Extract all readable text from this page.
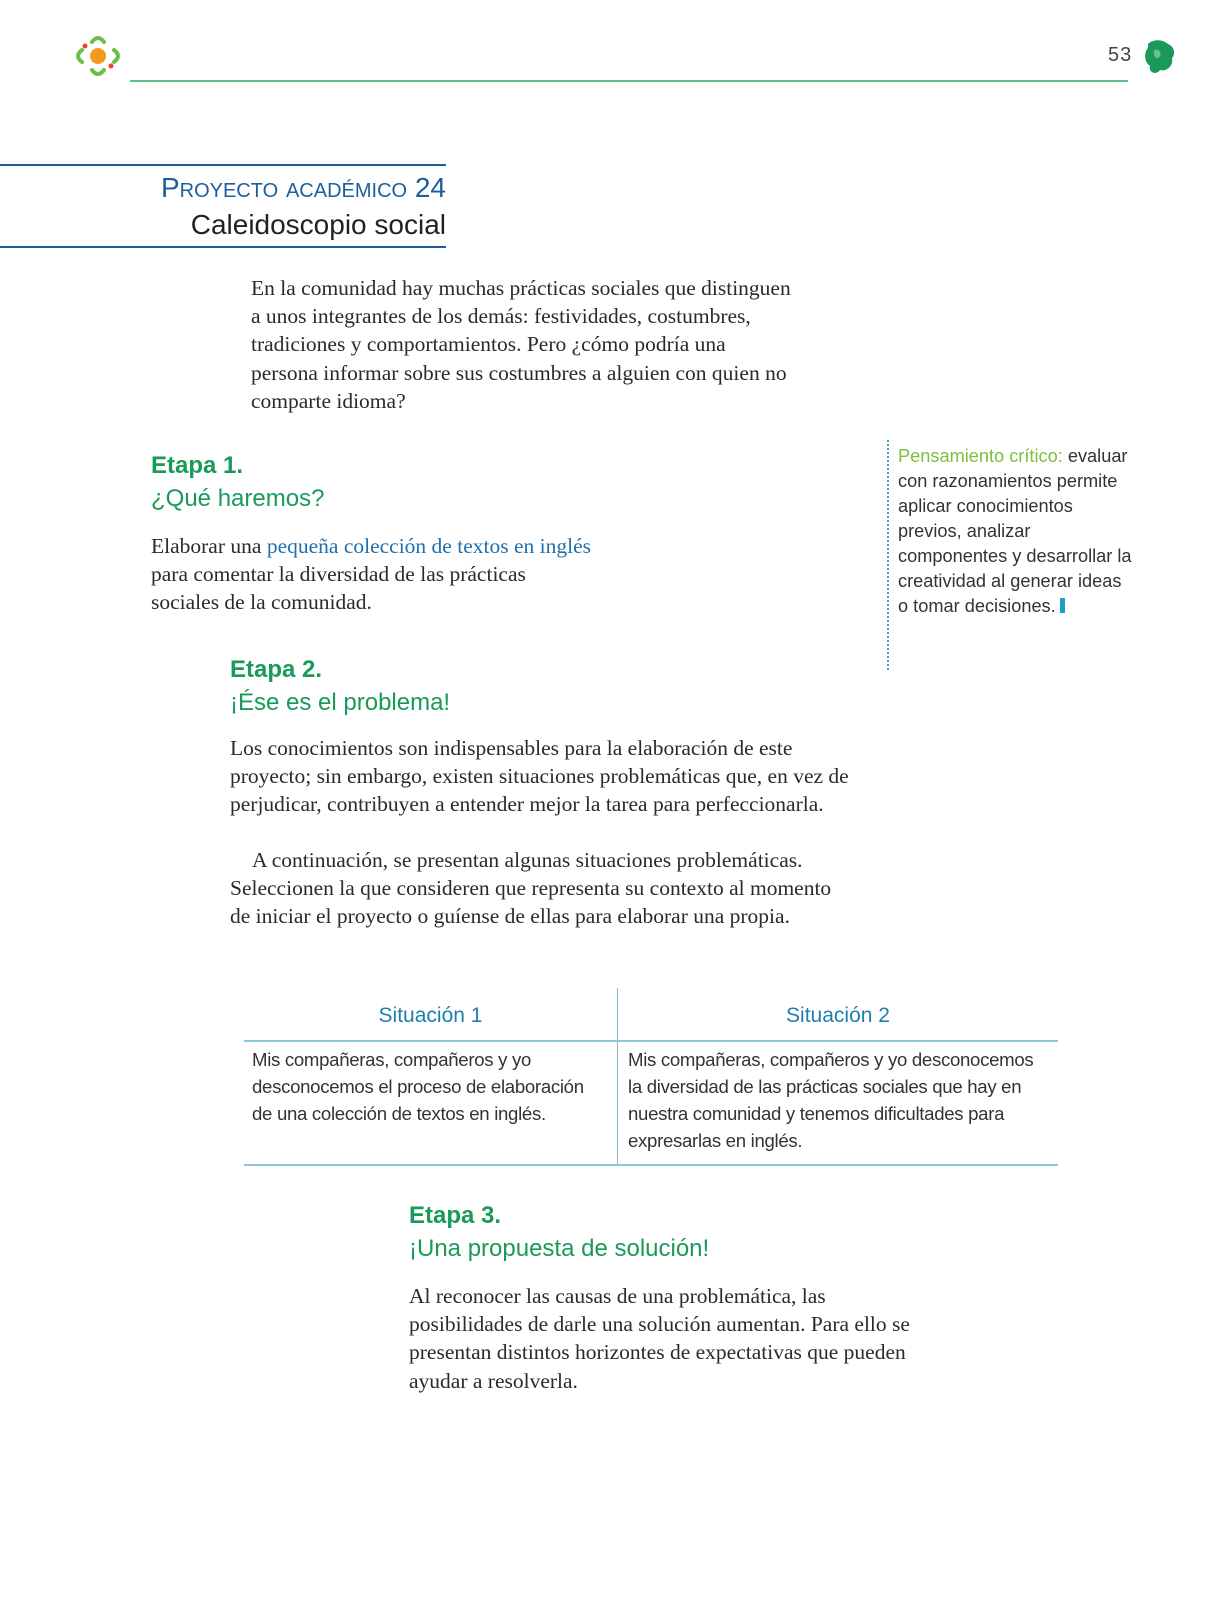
53
Proyecto académico 24
Caleidoscopio social

En la comunidad hay muchas prácticas sociales que distinguen a unos integrantes de los demás: festividades, costumbres, tradiciones y comportamientos. Pero ¿cómo podría una persona informar sobre sus costumbres a alguien con quien no comparte idioma?

Etapa 1.
¿Qué haremos?

Elaborar una pequeña colección de textos en inglés para comentar la diversidad de las prácticas sociales de la comunidad.

Pensamiento crítico: evaluar con razonamientos permite aplicar conocimientos previos, analizar componentes y desarrollar la creatividad al generar ideas o tomar decisiones.
Etapa 2.
¡Ése es el problema!

Los conocimientos son indispensables para la elaboración de este proyecto; sin embargo, existen situaciones problemáticas que, en vez de perjudicar, contribuyen a entender mejor la tarea para perfeccionarla.

A continuación, se presentan algunas situaciones problemáticas. Seleccionen la que consideren que representa su contexto al momento de iniciar el proyecto o guíense de ellas para elaborar una propia.

Situación 1	Situación 2
Mis compañeras, compañeros y yo desconocemos el proceso de elaboración de una colección de textos en inglés.
Mis compañeras, compañeros y yo desconocemos la diversidad de las prácticas sociales que hay en nuestra comunidad y tenemos dificultades para expresarlas en inglés.
Etapa 3.
¡Una propuesta de solución!

Al reconocer las causas de una problemática, las posibilidades de darle una solución aumentan. Para ello se presentan distintos horizontes de expectativas que pueden ayudar a resolverla.
